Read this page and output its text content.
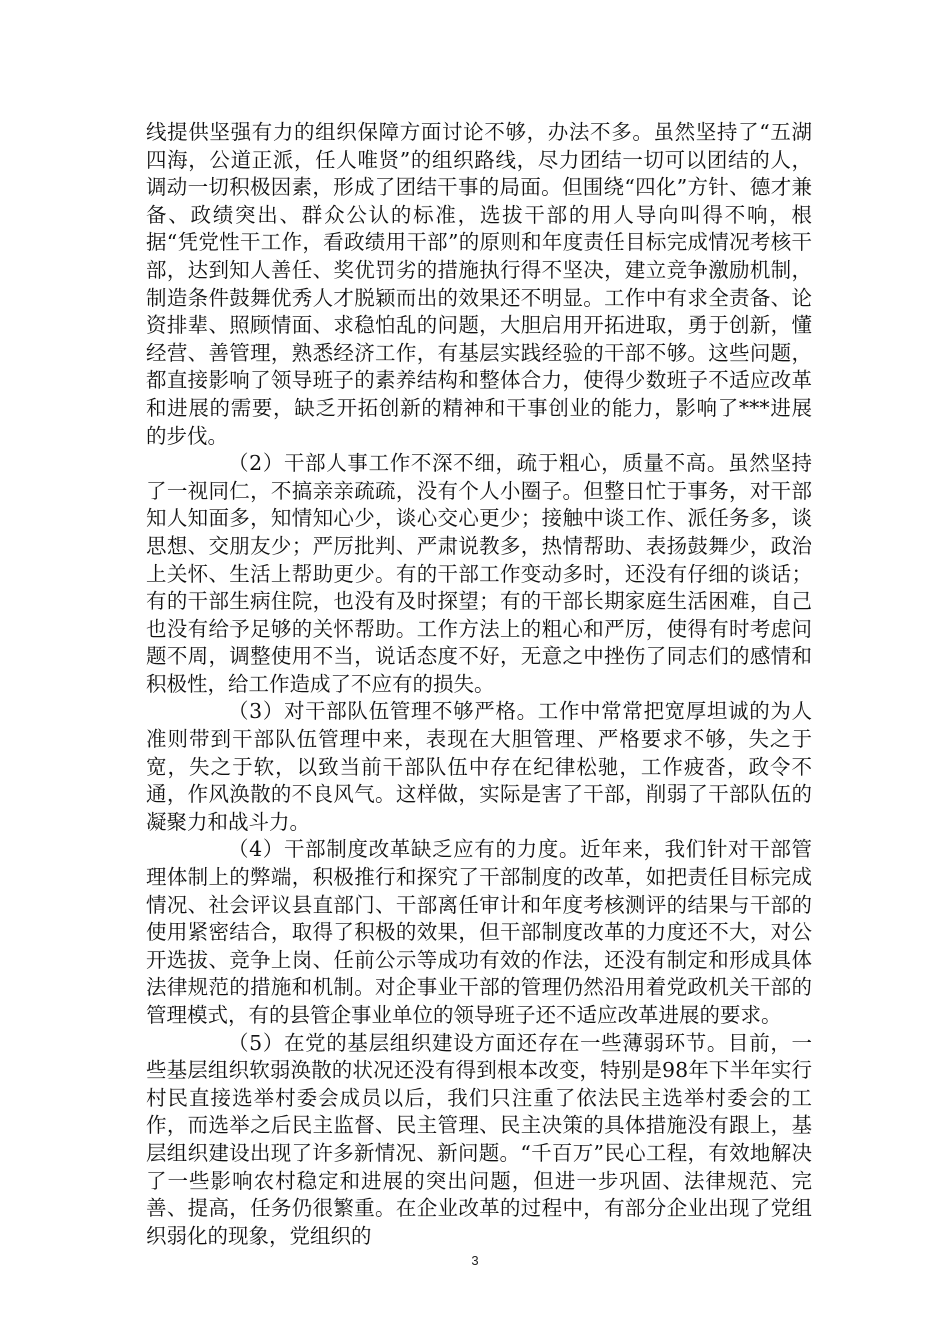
线提供坚强有力的组织保障方面讨论不够，办法不多。虽然坚持了“五湖四海，公道正派，任人唯贤”的组织路线，尽力团结一切可以团结的人，调动一切积极因素，形成了团结干事的局面。但围绕“四化”方针、德才兼备、政绩突出、群众公认的标准，选拔干部的用人导向叫得不响，根据“凭党性干工作，看政绩用干部”的原则和年度责任目标完成情况考核干部，达到知人善任、奖优罚劣的措施执行得不坚决，建立竞争激励机制，制造条件鼓舞优秀人才脱颖而出的效果还不明显。工作中有求全责备、论资排辈、照顾情面、求稳怕乱的问题，大胆启用开拓进取，勇于创新，懂经营、善管理，熟悉经济工作，有基层实践经验的干部不够。这些问题，都直接影响了领导班子的素养结构和整体合力，使得少数班子不适应改革和进展的需要，缺乏开拓创新的精神和干事创业的能力，影响了***进展的步伐。

（2）干部人事工作不深不细，疏于粗心，质量不高。虽然坚持了一视同仁，不搞亲亲疏疏，没有个人小圈子。但整日忙于事务，对干部知人知面多，知情知心少，谈心交心更少；接触中谈工作、派任务多，谈思想、交朋友少；严厉批判、严肃说教多，热情帮助、表扬鼓舞少，政治上关怀、生活上帮助更少。有的干部工作变动多时，还没有仔细的谈话；有的干部生病住院，也没有及时探望；有的干部长期家庭生活困难，自己也没有给予足够的关怀帮助。工作方法上的粗心和严厉，使得有时考虑问题不周，调整使用不当，说话态度不好，无意之中挫伤了同志们的感情和积极性，给工作造成了不应有的损失。

（3）对干部队伍管理不够严格。工作中常常把宽厚坦诚的为人准则带到干部队伍管理中来，表现在大胆管理、严格要求不够，失之于宽，失之于软，以致当前干部队伍中存在纪律松驰，工作疲沓，政令不通，作风涣散的不良风气。这样做，实际是害了干部，削弱了干部队伍的凝聚力和战斗力。

（4）干部制度改革缺乏应有的力度。近年来，我们针对干部管理体制上的弊端，积极推行和探究了干部制度的改革，如把责任目标完成情况、社会评议县直部门、干部离任审计和年度考核测评的结果与干部的使用紧密结合，取得了积极的效果，但干部制度改革的力度还不大，对公开选拔、竞争上岗、任前公示等成功有效的作法，还没有制定和形成具体法律规范的措施和机制。对企事业干部的管理仍然沿用着党政机关干部的管理模式，有的县管企事业单位的领导班子还不适应改革进展的要求。

（5）在党的基层组织建设方面还存在一些薄弱环节。目前，一些基层组织软弱涣散的状况还没有得到根本改变，特别是98年下半年实行村民直接选举村委会成员以后，我们只注重了依法民主选举村委会的工作，而选举之后民主监督、民主管理、民主决策的具体措施没有跟上，基层组织建设出现了许多新情况、新问题。“千百万”民心工程，有效地解决了一些影响农村稳定和进展的突出问题，但进一步巩固、法律规范、完善、提高，任务仍很繁重。在企业改革的过程中，有部分企业出现了党组织弱化的现象，党组织的

3
